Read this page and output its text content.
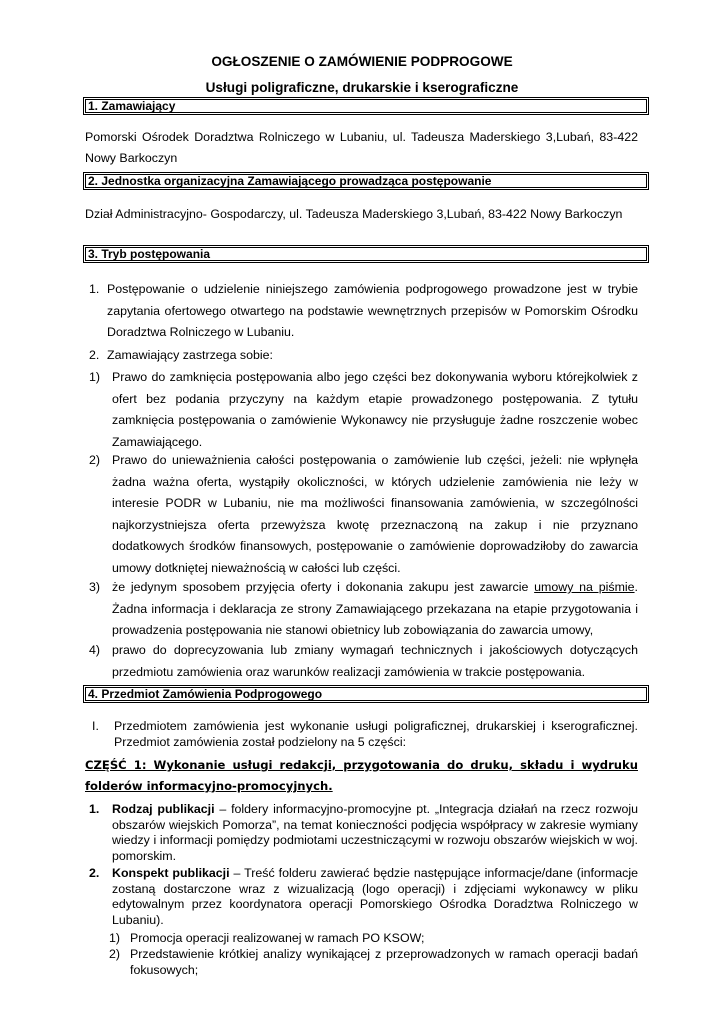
OGŁOSZENIE O ZAMÓWIENIE PODPROGOWE
Usługi poligraficzne, drukarskie i kserograficzne
1. Zamawiający
Pomorski Ośrodek Doradztwa Rolniczego w Lubaniu, ul. Tadeusza Maderskiego 3,Lubań, 83-422 Nowy Barkoczyn
2. Jednostka organizacyjna Zamawiającego prowadząca postępowanie
Dział Administracyjno- Gospodarczy, ul. Tadeusza Maderskiego 3,Lubań, 83-422 Nowy Barkoczyn
3. Tryb postępowania
1. Postępowanie o udzielenie niniejszego zamówienia podprogowego prowadzone jest w trybie zapytania ofertowego otwartego na podstawie wewnętrznych przepisów w Pomorskim Ośrodku Doradztwa Rolniczego w Lubaniu.
2. Zamawiający zastrzega sobie:
1) Prawo do zamknięcia postępowania albo jego części bez dokonywania wyboru którejkolwiek z ofert bez podania przyczyny na każdym etapie prowadzonego postępowania. Z tytułu zamknięcia postępowania o zamówienie Wykonawcy nie przysługuje żadne roszczenie wobec Zamawiającego.
2) Prawo do unieważnienia całości postępowania o zamówienie lub części, jeżeli: nie wpłynęła żadna ważna oferta, wystąpiły okoliczności, w których udzielenie zamówienia nie leży w interesie PODR w Lubaniu, nie ma możliwości finansowania zamówienia, w szczególności najkorzystniejsza oferta przewyższa kwotę przeznaczoną na zakup i nie przyznano dodatkowych środków finansowych, postępowanie o zamówienie doprowadziłoby do zawarcia umowy dotkniętej nieważnością w całości lub części.
3) że jedynym sposobem przyjęcia oferty i dokonania zakupu jest zawarcie umowy na piśmie. Żadna informacja i deklaracja ze strony Zamawiającego przekazana na etapie przygotowania i prowadzenia postępowania nie stanowi obietnicy lub zobowiązania do zawarcia umowy,
4) prawo do doprecyzowania lub zmiany wymagań technicznych i jakościowych dotyczących przedmiotu zamówienia oraz warunków realizacji zamówienia w trakcie postępowania.
4. Przedmiot Zamówienia Podprogowego
I. Przedmiotem zamówienia jest wykonanie usługi poligraficznej, drukarskiej i kserograficznej. Przedmiot zamówienia został podzielony na 5 części:
CZĘŚĆ 1: Wykonanie usługi redakcji, przygotowania do druku, składu i wydruku folderów informacyjno-promocyjnych.
1. Rodzaj publikacji – foldery informacyjno-promocyjne pt. „Integracja działań na rzecz rozwoju obszarów wiejskich Pomorza”, na temat konieczności podjęcia współpracy w zakresie wymiany wiedzy i informacji pomiędzy podmiotami uczestniczącymi w rozwoju obszarów wiejskich w woj. pomorskim.
2. Konspekt publikacji – Treść folderu zawierać będzie następujące informacje/dane (informacje zostaną dostarczone wraz z wizualizacją (logo operacji) i zdjęciami wykonawcy w pliku edytowalnym przez koordynatora operacji Pomorskiego Ośrodka Doradztwa Rolniczego w Lubaniu).
1) Promocja operacji realizowanej w ramach PO KSOW;
2) Przedstawienie krótkiej analizy wynikającej z przeprowadzonych w ramach operacji badań fokusowych;
